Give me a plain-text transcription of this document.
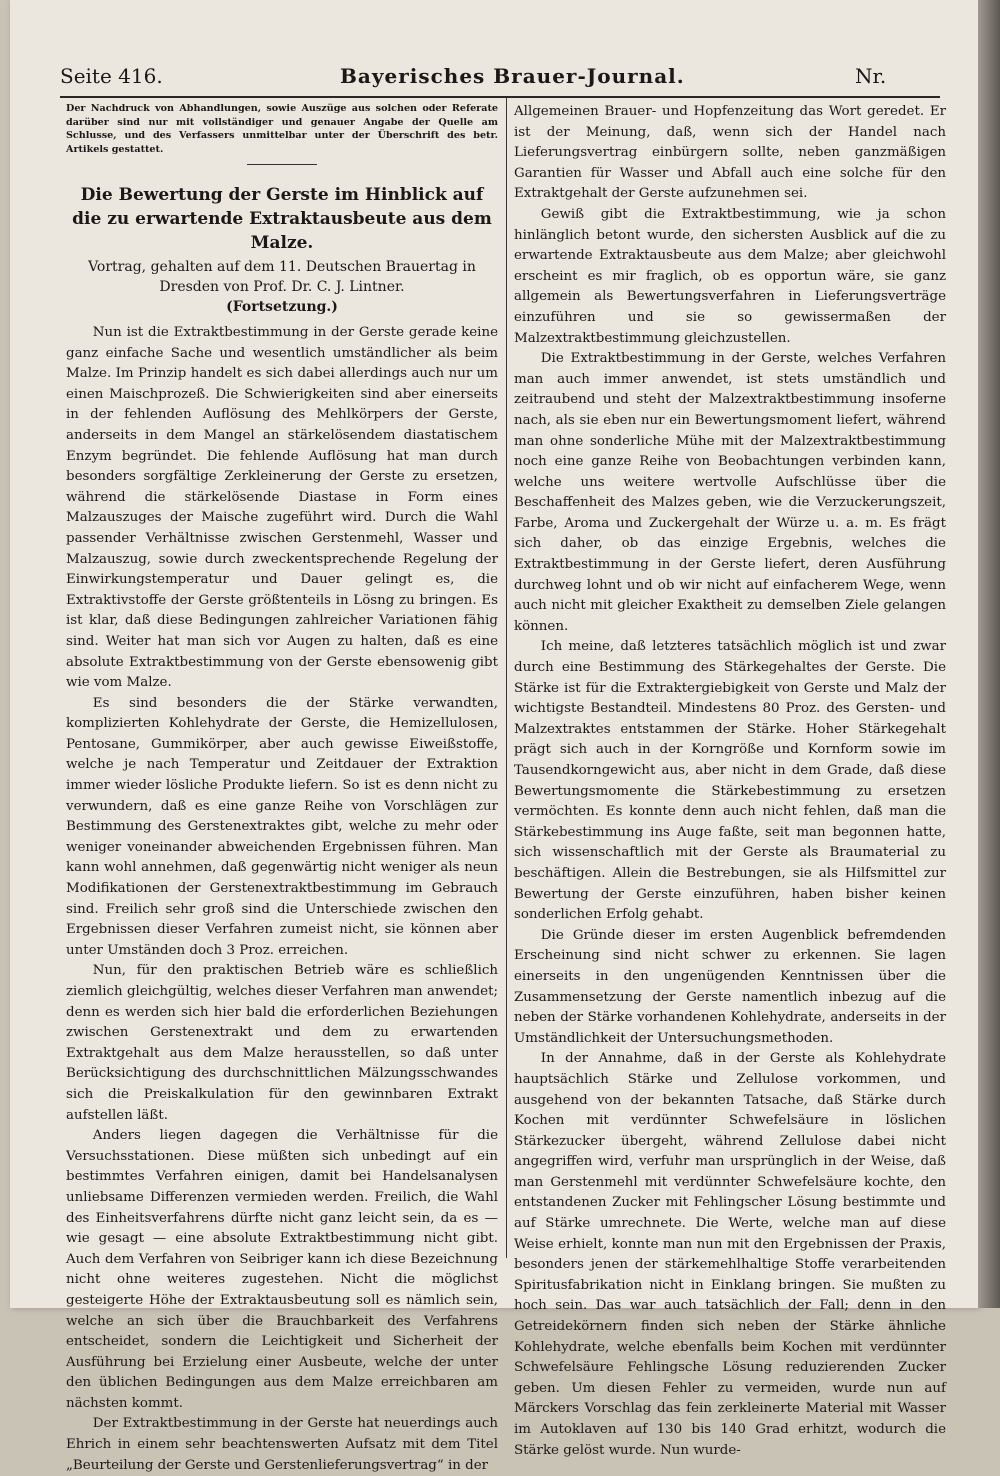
Seite 416.	Bayerisches Brauer-Journal.	Nr.

Der Nachdruck von Abhandlungen, sowie Auszüge aus solchen oder Referate darüber sind nur mit vollständiger und genauer Angabe der Quelle am Schlusse, und des Verfassers unmittelbar unter der Überschrift des betr. Artikels gestattet.

Die Bewertung der Gerste im Hinblick auf die zu erwartende Extraktausbeute aus dem Malze.

Vortrag, gehalten auf dem 11. Deutschen Brauertag in Dresden von Prof. Dr. C. J. Lintner.

(Fortsetzung.)

Nun ist die Extraktbestimmung in der Gerste gerade keine ganz einfache Sache und wesentlich umständlicher als beim Malze. Im Prinzip handelt es sich dabei allerdings auch nur um einen Maischprozeß. Die Schwierigkeiten sind aber einerseits in der fehlenden Auflösung des Mehlkörpers der Gerste, anderseits in dem Mangel an stärkelösendem diastatischem Enzym begründet. Die fehlende Auflösung hat man durch besonders sorgfältige Zerkleinerung der Gerste zu ersetzen, während die stärkelösende Diastase in Form eines Malzauszuges der Maische zugeführt wird. Durch die Wahl passender Verhältnisse zwischen Gerstenmehl, Wasser und Malzauszug, sowie durch zweckentsprechende Regelung der Einwirkungstemperatur und Dauer gelingt es, die Extraktivstoffe der Gerste größtenteils in Lösng zu bringen. Es ist klar, daß diese Bedingungen zahlreicher Variationen fähig sind. Weiter hat man sich vor Augen zu halten, daß es eine absolute Extraktbestimmung von der Gerste ebensowenig gibt wie vom Malze.

Es sind besonders die der Stärke verwandten, komplizierten Kohlehydrate der Gerste, die Hemizellulosen, Pentosane, Gummikörper, aber auch gewisse Eiweißstoffe, welche je nach Temperatur und Zeitdauer der Extraktion immer wieder lösliche Produkte liefern. So ist es denn nicht zu verwundern, daß es eine ganze Reihe von Vorschlägen zur Bestimmung des Gerstenextraktes gibt, welche zu mehr oder weniger voneinander abweichenden Ergebnissen führen. Man kann wohl annehmen, daß gegenwärtig nicht weniger als neun Modifikationen der Gerstenextraktbestimmung im Gebrauch sind. Freilich sehr groß sind die Unterschiede zwischen den Ergebnissen dieser Verfahren zumeist nicht, sie können aber unter Umständen doch 3 Proz. erreichen.

Nun, für den praktischen Betrieb wäre es schließlich ziemlich gleichgültig, welches dieser Verfahren man anwendet; denn es werden sich hier bald die erforderlichen Beziehungen zwischen Gerstenextrakt und dem zu erwartenden Extraktgehalt aus dem Malze herausstellen, so daß unter Berücksichtigung des durchschnittlichen Mälzungsschwandes sich die Preiskalkulation für den gewinnbaren Extrakt aufstellen läßt.

Anders liegen dagegen die Verhältnisse für die Versuchsstationen. Diese müßten sich unbedingt auf ein bestimmtes Verfahren einigen, damit bei Handelsanalysen unliebsame Differenzen vermieden werden. Freilich, die Wahl des Einheitsverfahrens dürfte nicht ganz leicht sein, da es — wie gesagt — eine absolute Extraktbestimmung nicht gibt. Auch dem Verfahren von Seibriger kann ich diese Bezeichnung nicht ohne weiteres zugestehen. Nicht die möglichst gesteigerte Höhe der Extraktausbeutung soll es nämlich sein, welche an sich über die Brauchbarkeit des Verfahrens entscheidet, sondern die Leichtigkeit und Sicherheit der Ausführung bei Erzielung einer Ausbeute, welche der unter den üblichen Bedingungen aus dem Malze erreichbaren am nächsten kommt.

Der Extraktbestimmung in der Gerste hat neuerdings auch Ehrich in einem sehr beachtenswerten Aufsatz mit dem Titel „Beurteilung der Gerste und Gerstenlieferungsvertrag“ in der

Allgemeinen Brauer- und Hopfenzeitung das Wort geredet. Er ist der Meinung, daß, wenn sich der Handel nach Lieferungsvertrag einbürgern sollte, neben ganzmäßigen Garantien für Wasser und Abfall auch eine solche für den Extraktgehalt der Gerste aufzunehmen sei.

Gewiß gibt die Extraktbestimmung, wie ja schon hinlänglich betont wurde, den sichersten Ausblick auf die zu erwartende Extraktausbeute aus dem Malze; aber gleichwohl erscheint es mir fraglich, ob es opportun wäre, sie ganz allgemein als Bewertungsverfahren in Lieferungsverträge einzuführen und sie so gewissermaßen der Malzextraktbestimmung gleichzustellen.

Die Extraktbestimmung in der Gerste, welches Verfahren man auch immer anwendet, ist stets umständlich und zeitraubend und steht der Malzextraktbestimmung insoferne nach, als sie eben nur ein Bewertungsmoment liefert, während man ohne sonderliche Mühe mit der Malzextraktbestimmung noch eine ganze Reihe von Beobachtungen verbinden kann, welche uns weitere wertvolle Aufschlüsse über die Beschaffenheit des Malzes geben, wie die Verzuckerungszeit, Farbe, Aroma und Zuckergehalt der Würze u. a. m. Es frägt sich daher, ob das einzige Ergebnis, welches die Extraktbestimmung in der Gerste liefert, deren Ausführung durchweg lohnt und ob wir nicht auf einfacherem Wege, wenn auch nicht mit gleicher Exaktheit zu demselben Ziele gelangen können.

Ich meine, daß letzteres tatsächlich möglich ist und zwar durch eine Bestimmung des Stärkegehaltes der Gerste. Die Stärke ist für die Extraktergiebigkeit von Gerste und Malz der wichtigste Bestandteil. Mindestens 80 Proz. des Gersten- und Malzextraktes entstammen der Stärke. Hoher Stärkegehalt prägt sich auch in der Korngröße und Kornform sowie im Tausendkorngewicht aus, aber nicht in dem Grade, daß diese Bewertungsmomente die Stärkebestimmung zu ersetzen vermöchten. Es konnte denn auch nicht fehlen, daß man die Stärkebestimmung ins Auge faßte, seit man begonnen hatte, sich wissenschaftlich mit der Gerste als Braumaterial zu beschäftigen. Allein die Bestrebungen, sie als Hilfsmittel zur Bewertung der Gerste einzuführen, haben bisher keinen sonderlichen Erfolg gehabt.

Die Gründe dieser im ersten Augenblick befremdenden Erscheinung sind nicht schwer zu erkennen. Sie lagen einerseits in den ungenügenden Kenntnissen über die Zusammensetzung der Gerste namentlich inbezug auf die neben der Stärke vorhandenen Kohlehydrate, anderseits in der Umständlichkeit der Untersuchungsmethoden.

In der Annahme, daß in der Gerste als Kohlehydrate hauptsächlich Stärke und Zellulose vorkommen, und ausgehend von der bekannten Tatsache, daß Stärke durch Kochen mit verdünnter Schwefelsäure in löslichen Stärkezucker übergeht, während Zellulose dabei nicht angegriffen wird, verfuhr man ursprünglich in der Weise, daß man Gerstenmehl mit verdünnter Schwefelsäure kochte, den entstandenen Zucker mit Fehlingscher Lösung bestimmte und auf Stärke umrechnete. Die Werte, welche man auf diese Weise erhielt, konnte man nun mit den Ergebnissen der Praxis, besonders jenen der stärkemehlhaltige Stoffe verarbeitenden Spiritusfabrikation nicht in Einklang bringen. Sie mußten zu hoch sein. Das war auch tatsächlich der Fall; denn in den Getreidekörnern finden sich neben der Stärke ähnliche Kohlehydrate, welche ebenfalls beim Kochen mit verdünnter Schwefelsäure Fehlingsche Lösung reduzierenden Zucker geben. Um diesen Fehler zu vermeiden, wurde nun auf Märckers Vorschlag das fein zerkleinerte Material mit Wasser im Autoklaven auf 130 bis 140 Grad erhitzt, wodurch die Stärke gelöst wurde. Nun wurde-
